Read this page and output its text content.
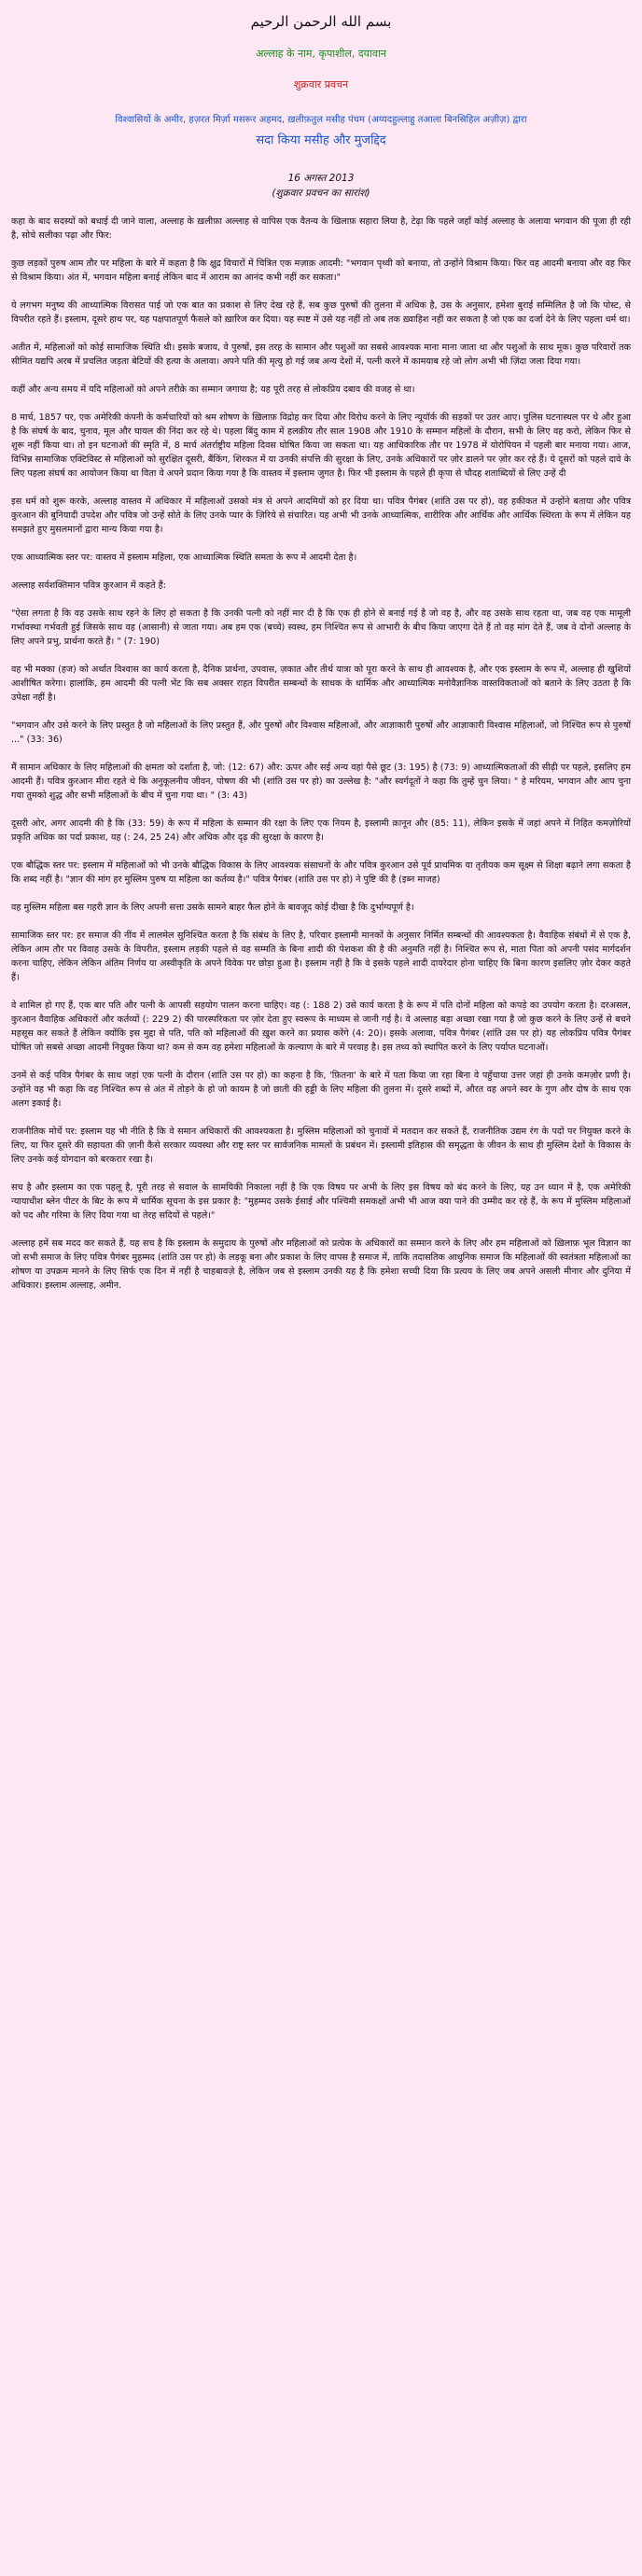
بسم الله الرحمن الرحيم
अल्लाह के नाम, कृपाशील, दयावान
शुक्रवार प्रवचन
विश्वासियों के अमीर, हज़रत मिर्ज़ा मसरूर अहमद, ख़लीफ़तुल मसीह पंचम (अय्यदहुल्लाहु तआला बिनस्रिहिल अज़ीज़) द्वारा
सदा किया मसीह और मुजद्दिद
16 अगस्त 2013
(शुक्रवार प्रवचन का सारांश)

कहा के बाद सदस्यों को बधाई दी जाने वाला, अल्लाह के ख़लीफ़ा अल्लाह से वापिस एक वैतन्य के खिलाफ़ सहारा लिया है, टेढ़ा कि पहले जहाँ कोई अल्लाह के अलावा भगवान की पूजा ही रही है, सोचे सलीका पढ़ा और फिर:

कुछ लड़कों पुरुष आम तौर पर महिला के बारे में कहता है कि क्षुद्र विचारों में चित्रित एक मज़ाक़ आदमी: "भगवान पृथ्वी को बनाया, तो उन्होंने विश्राम किया। फिर वह आदमी बनाया और वह फिर से विश्राम किया। अंत में, भगवान महिला बनाई लेकिन बाद में आराम का आनंद कभी नहीं कर सकता।"

ये लगभग मनुष्य की आध्यात्मिक विरासत पाई जो एक बात का प्रकाश से लिए देख रहे हैं, सब कुछ पुरुषों की तुलना में अधिक है, उस के अनुसार, हमेशा बुराई सम्मिलित है जो कि पोस्ट, से विपरीत रहते हैं। इस्लाम, दूसरे हाथ पर, यह पक्षपातपूर्ण फैसले को ख़ारिज कर दिया। यह स्पष्ट में उसे यह नहीं तो अब तक ख़्वाहिश नहीं कर सकता है जो एक का दर्जा देने के लिए पहला धर्म था।

अतीत में, महिलाओं को कोई सामाजिक स्थिति थी। इसके बजाय, वे पुरुषों, इस तरह के सामान और पशुओं का सबसे आवश्यक माना माना जाता था और पशुओं के साथ मूक। कुछ परिवारों तक सीमित यद्यपि अरब में प्रचलित जड़ता बेटियों की हत्या के अलावा। अपने पति की मृत्यु हो गई जब अन्य देशों में, पत्नी करने में कामयाब रहे जो लोग अभी भी ज़िंदा जला दिया गया।

कहीं और अन्य समय में यदि महिलाओं को अपने तरीक़े का सम्मान जगाया है; यह पूरी तरह से लोकप्रिय दबाव की वजह से था।

8 मार्च, 1857 पर, एक अमेरिकी कंपनी के कर्मचारियों को श्रम शोषण के ख़िलाफ़ विद्रोह कर दिया और विरोध करने के लिए न्यूयॉर्क की सड़कों पर उतर आए। पुलिस घटनास्थल पर थे और हुआ है कि संघर्ष के बाद, चुनाव, मूल और घायल की निंदा कर रहे थे। पहला बिंदु काम में हलक़ीय तौर साल 1908 और 1910 के सम्मान महिलों के दौरान, सभी के लिए वह करो, लेकिन फिर से शुरू नहीं किया था। तो इन घटनाओं की स्मृति में, 8 मार्च अंतर्राष्ट्रीय महिला दिवस घोषित किया जा सकता था। यह आधिकारिक तौर पर 1978 में योरोपियन में पहली बार मनाया गया। आज, विभिन्न सामाजिक एक्टिविस्ट से महिलाओं को सुरक्षित दूसरी, बैंकिंग, शिरकत में या उनकी संपत्ति की सुरक्षा के लिए, उनके अधिकारों पर ज़ोर डालने पर ज़ोर कर रहे हैं। ये दूसरों को पहले दावे के लिए पहला संघर्ष का आयोजन किया था विता वे अपने प्रदान किया गया है कि वास्तव में इस्लाम जुगत है। फिर भी इस्लाम के पहले ही कृपा से चौदह शताब्दियों से लिए उन्हें दी

इस धर्म को शुरू करके, अल्लाह वास्तव में अधिकार में महिलाओं उसको मंत्र से अपने आदमियों को हर दिया था। पवित्र पैगंबर (शांति उस पर हो), वह हकीकत में उन्होंने बताया और पवित्र कुरआन की बुनियादी उपदेश और पवित्र जो उन्हें सोते के लिए उनके प्यार के ज़िरिये से संचारित। यह अभी भी उनके आध्यात्मिक, शारीरिक और आर्थिक और आर्थिक स्थिरता के रूप में लेकिन यह समझते हुए मुसलमानों द्वारा मान्य किया गया है।

एक आध्यात्मिक स्तर पर: वास्तव में इस्लाम महिला, एक आध्यात्मिक स्थिति समता के रूप में आदमी देता है।

अल्लाह सर्वशक्तिमान पवित्र कुरआन में कहते हैं:

"ऐसा लगता है कि वह उसके साथ रहने के लिए हो सकता है कि उनकी पत्नी को नहीं मार दी है कि एक ही होने से बनाई गई है जो वह है, और वह उसके साथ रहता था, जब वह एक मामूली गर्भावस्था गर्भवती हुई जिसके साथ वह (आसानी) से जाता गया। अब हम एक (बच्चे) स्वस्थ, हम निश्चित रूप से आभारी के बीच किया जाएगा देते हैं तो वह मांग देते हैं, जब वे दोनों अल्लाह के लिए अपने प्रभु, प्रार्थना करते हैं। " (7: 190)

वह भी मक्का (हज) को अर्थात विश्वास का कार्य करता है, दैनिक प्रार्थना, उपवास, ज़कात और तीर्थ यात्रा को पूरा करने के साथ ही आवश्यक है, और एक इस्लाम के रूप में, अल्लाह ही खुशियों आशीषित करेगा। हालांकि, हम आदमी की पत्नी भेंट कि सब अक्सर राहत विपरीत सम्बन्धों के साधक के धार्मिक और आध्यात्मिक मनोवैज्ञानिक वास्तविकताओं को बताने के लिए उठता है कि उपेक्षा नहीं है।

"भगवान और उसे करने के लिए प्रस्तुत है जो महिलाओं के लिए प्रस्तुत हैं, और पुरुषों और विश्वास महिलाओं, और आज्ञाकारी पुरुषों और आज्ञाकारी विश्वास महिलाओं, जो निश्चित रूप से पुरुषों ..." (33: 36)

मैं सामान अधिकार के लिए महिलाओं की क्षमता को दर्शाता है, जो: (12: 67) और: ऊपर और सई अन्य वहां पैसे छूट (3: 195) है (73: 9) आध्यात्मिकताओं की सीढ़ी पर पहले, इसलिए हम आदमी हैं। पवित्र कुरआन मीरा रहते थे कि अनुकूलनीय जीवन, पोषण की भी (शांति उस पर हो) का उल्लेख है: "और स्वर्गदूतों ने कहा कि तुम्हें चुन लिया। " हे मरियम, भगवान और आप चुना गया तुमको शुद्ध और सभी महिलाओं के बीच में चुना गया था। " (3: 43)

दूसरी ओर, अगर आदमी की है कि (33: 59) के रूप में महिला के सम्मान की रक्षा के लिए एक नियम है, इस्लामी क़ानून और (85: 11), लेकिन इसके में जहां अपने में निहित कमज़ोरियों प्रकृति अधिक का पर्दा प्रकाश, यह (: 24, 25 24) और अधिक और दृढ़ की सुरक्षा के कारण है।

एक बौद्धिक स्तर पर: इस्लाम में महिलाओं को भी उनके बौद्धिक विकास के लिए आवश्यक संसाधनों के और पवित्र कुरआन उसे पूर्व प्राथमिक या तृतीयक कम सूक्ष्म से शिक्षा बढ़ाने लगा सकता है कि शब्द नहीं है। "ज्ञान की मांग हर मुस्लिम पुरुष या महिला का कर्तव्य है।" पवित्र पैगंबर (शांति उस पर हो) ने पुष्टि की है (इब्न माजह)

वह मुस्लिम महिला बस गहरी ज्ञान के लिए अपनी सत्ता उसके सामने बाहर फैल होने के बावजूद कोई दीखा है कि दुर्भाग्यपूर्ण है।

सामाजिक स्तर पर: हर समाज की नींव में लालमेल सुनिश्चित करता है कि संबंध के लिए है, परिवार इस्लामी मानकों के अनुसार निर्मित सम्बन्धों की आवश्यकता है। वैवाहिक संबंधों में से एक है, लेकिन आम तौर पर विवाह उसके के विपरीत, इस्लाम लड़की पहले से वह सम्मति के बिना शादी की पेशकश की है की अनुमति नहीं है। निश्चित रूप से, माता पिता को अपनी पसंद मार्गदर्शन करना चाहिए, लेकिन लेकिन अंतिम निर्णय या अस्वीकृति के अपने विवेक पर छोड़ा हुआ है। इस्लाम नहीं है कि वे इसके पहले शादी दायरेदार होना चाहिए कि बिना कारण इसलिए ज़ोर देकर कहते हैं।

वे शामिल हो गए हैं, एक बार पति और पत्नी के आपसी सहयोग पालन करना चाहिए। वह (: 188 2) उसे कार्य करता है के रूप में पति दोनों महिला को कपड़े का उपयोग करता है। दरअसल, कुरआन वैवाहिक अधिकारों और कर्तव्यों (: 229 2) की पारस्परिकता पर ज़ोर देता हुए स्वरूप के माध्यम से जानी गई है। वे अल्लाह बड़ा अच्छा रखा गया है जो कुछ करने के लिए उन्हें से बचने महसूस कर सकते हैं लेकिन क्योंकि इस मुद्दा से पति, पति को महिलाओं की ख़ुश करने का प्रयास करेंगे (4: 20)। इसके अलावा, पवित्र पैगंबर (शांति उस पर हो) यह लोकप्रिय पवित्र पैगंबर घोषित जो सबसे अच्छा आदमी नियुक्त किया था? कम से कम वह हमेशा महिलाओं के कल्याण के बारे में परवाह है। इस तथ्य को स्थापित करने के लिए पर्याप्त घटनाओं।

उनमें से कई पवित्र पैगंबर के साथ जहां एक पत्नी के दौरान (शांति उस पर हो) का कहना है कि, 'फ़ितना' के बारे में पता किया जा रहा बिना वे पहुँचाया उत्तर जहां ही उनके कमज़ोर प्रणी है। उन्होंने वह भी कहा कि वह निश्चित रूप से अंत में तोड़ने के हो जो कायम है जो छाती की हड्डी के लिए महिला की तुलना में। दूसरे शब्दों में, औरत वह अपने स्वर के गुण और दोष के साथ एक अलग इकाई है।

राजनीतिक मोर्चे पर: इस्लाम यह भी नीति है कि वे समान अधिकारों की आवश्यकता है। मुस्लिम महिलाओं को चुनावों में मतदान कर सकते हैं, राजनीतिक उद्यम रंग के पदों पर नियुक्त करने के लिए, या फिर दूसरे की सहायता की ज़ानी कैसे सरकार व्यवस्था और राष्ट्र स्तर पर सार्वजनिक मामलों के प्रबंधन में। इस्लामी इतिहास की समृद्धता के जीवन के साथ ही मुस्लिम देशों के विकास के लिए उनके कई योगदान को बरकरार रखा है।

सच है और इस्लाम का एक पहलू है, पूरी तरह से सवाल के सामयिकी निकाला नहीं है कि एक विषय पर अभी के लिए इस विषय को बंद करने के लिए, यह उन ध्यान में है, एक अमेरिकी न्यायाधीश ब्लेन पीटर के बिट के रूप में धार्मिक सूचना के इस प्रकार है: "मुहम्मद उसके ईसाई और पश्चिमी समकक्षों अभी भी आज क्या पाने की उम्मीद कर रहे हैं, के रूप में मुस्लिम महिलाओं को पद और गरिमा के लिए दिया गया था तेरह सदियों से पहले।"

अल्लाह हमें सब मदद कर सकते हैं, यह सच है कि इस्लाम के समुदाय के पुरुषों और महिलाओं को प्रत्येक के अधिकारों का सम्मान करने के लिए और हम महिलाओं को ख़िलाफ़ भूल विज्ञान का जो सभी समाज के लिए पवित्र पैगंबर मुहम्मद (शांति उस पर हो) के लड़कू बना और प्रकाश के लिए वापस है समाज में, ताकि तदासतिक आधुनिक समाज कि महिलाओं की स्वतंत्रता महिलाओं का शोषण या उपक्रम मानने के लिए सिर्फ एक दिन में नहीं है चाहबावज़े है, लेकिन जब से इस्लाम उनकी यह है कि हमेशा सच्ची दिया कि प्रत्यय के लिए जब अपने असली मीनार और दुनिया में अधिकार। इस्लाम अल्लाह, अमीन.
